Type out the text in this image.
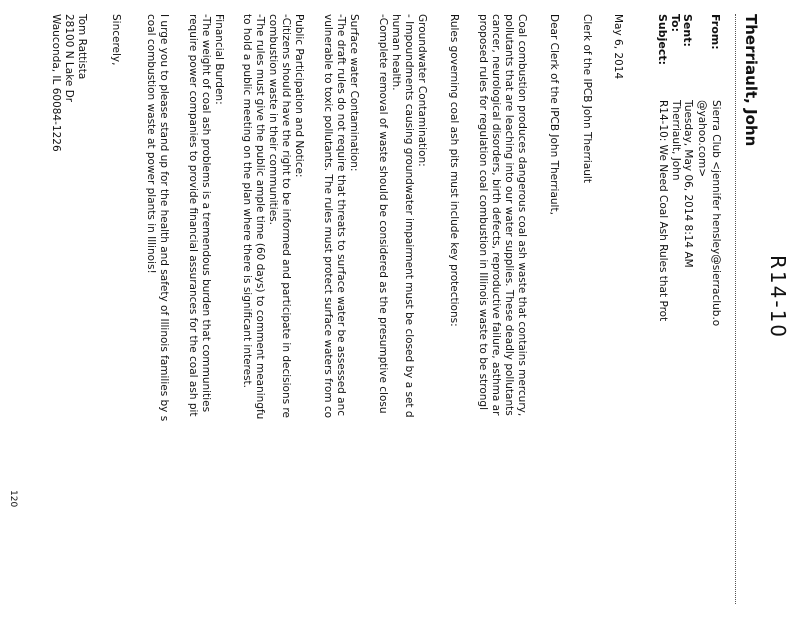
R14-10
Therriault, John
From:
Sierra Club <jennifer hensley@sierraclub.o
@yahoo.com>
Sent:
Tuesday, May 06, 2014 8:14 AM
To:
Therriault, John
Subject:
R14-10: We Need Coal Ash Rules that Prot
May 6, 2014
Clerk of the IPCB John Therriault
Dear Clerk of the IPCB John Therriault,
Coal combustion produces dangerous coal ash waste that contains mercury,
pollutants that are leaching into our water supplies. These deadly pollutants
cancer, neurological disorders, birth defects, reproductive failure, asthma ar
proposed rules for regulation coal combustion in Illinois waste to be strongl
Rules governing coal ash pits must include key protections:
Groundwater Contamination:
- Impoundments causing groundwater impairment must be closed by a set d
human health.
-Complete removal of waste should be considered as the presumptive closu
Surface water Contamination:
-The draft rules do not require that threats to surface water be assessed anc
vulnerable to toxic pollutants. The rules must protect surface waters from co
Public Participation and Notice:
-Citizens should have the right to be informed and participate in decisions re
combustion waste in their communities.
-The rules must give the public ample time (60 days) to comment meaningfu
to hold a public meeting on the plan where there is significant interest.
Financial Burden:
-The weight of coal ash problems is a tremendous burden that communities
require power companies to provide financial assurances for the coal ash pit
I urge you to please stand up for the health and safety of Illinois families by s
coal combustion waste at power plants in Illinois!
Sincerely,
Tom Rattista
28100 N Lake Dr
Wauconda, IL 60084-1226
120
